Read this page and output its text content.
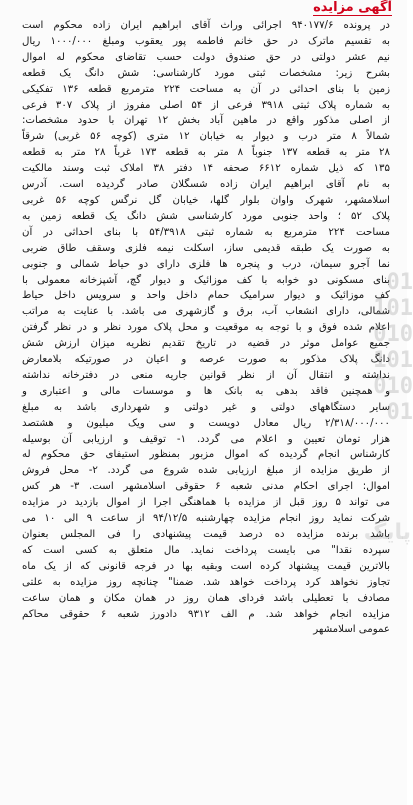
آگهی مزایده
در پرونده ۹۴۰۱۷۷/۶ اجرائی وراث آقای ابراهیم ایران زاده محکوم است
به تقسیم ماترک در حق خانم فاطمه پور یعقوب ومبلغ ۱۰۰۰/۰۰۰ ریال
نیم عشر دولتی در حق صندوق دولت حسب تقاضای محکوم له اموال
بشرح زیر: مشخصات ثبتی مورد کارشناسی: شش دانگ یک قطعه
زمین با بنای احداثی در آن به مساحت ۲۲۴ مترمربع قطعه ۱۳۶ تفکیکی
به شماره پلاک ثبتی ۳۹۱۸ فرعی از ۵۴ اصلی مفروز از پلاک ۳۰۷ فرعی
از اصلی مذکور واقع در ماهین آباد بخش ۱۲ تهران با حدود مشخصات:
شمالاً ۸ متر درب و دیوار به خیابان ۱۲ متری (کوچه ۵۶ غربی) شرقاً
۲۸ متر به قطعه ۱۳۷ جنوباً ۸ متر به قطعه ۱۷۳ غرباً ۲۸ متر به قطعه
۱۳۵ که ذیل شماره ۶۶۱۲ صحفه ۱۴ دفتر ۳۸ املاک ثبت وسند مالکیت
به نام آقای ابراهیم ایران زاده شسگلان صادر گردیده است. آدرس
اسلامشهر، شهرک واوان بلوار گلها، خیابان گل نرگس کوچه ۵۶ غربی
پلاک ۵۲ ؛ واحد جنوبی مورد کارشناسی شش دانگ یک قطعه زمین به
مساحت ۲۲۴ مترمربع به شماره ثبتی ۵۴/۳۹۱۸ با بنای احداثی در آن
به صورت یک طبقه قدیمی ساز، اسکلت نیمه فلزی وسقف طاق ضربی
نما آجرو سیمان، درب و پنجره ها فلزی دارای دو حیاط شمالی و جنوبی
بنای مسکونی دو خوابه با کف موزائیک و دیوار گچ، آشپزخانه معمولی با
کف موزائیک و دیوار سرامیک حمام داخل واحد و سرویس داخل حیاط
شمالی، دارای انشعاب آب، برق و گازشهری می باشد. با عنایت به مراتب
اعلام شده فوق و با توجه به موقعیت و محل پلاک مورد نظر و در نظر گرفتن
جمیع عوامل موثر در قضیه در تاریخ تقدیم نظریه میزان ارزش شش
دانگ پلاک مذکور به صورت عرصه و اعیان در صورتیکه بلامعارض
نداشته و انتقال آن از نظر قوانین جاریه منعی در دفترخانه نداشته
و همچنین فاقد بدهی به بانک ها و موسسات مالی و اعتباری و
سایر دستگاههای دولتی و غیر دولتی و شهرداری باشد به مبلغ
۲/۳۱۸/۰۰۰/۰۰۰ ریال معادل دویست و سی ویک میلیون و هشتصد
هزار تومان تعیین و اعلام می گردد. ۱- توقیف و ارزیابی آن بوسیله
کارشناس انجام گردیده که اموال مزبور بمنظور استیفای حق محکوم له
از طریق مزایده از مبلغ ارزیابی شده شروع می گردد. ۲- محل فروش
اموال: اجرای احکام مدنی شعبه ۶ حقوقی اسلامشهر است. ۳- هر کس
می تواند ۵ روز قبل از مزایده با هماهنگی اجرا از اموال بازدید در مزایده
شرکت نماید روز انجام مزایده چهارشنبه ۹۴/۱۲/۵ از ساعت ۹ الی ۱۰ می
باشد برنده مزایده ده درصد قیمت پیشنهادی را فی المجلس بعنوان
سپرده نقدا" می بایست پرداخت نماید. مال متعلق به کسی است که
بالاترین قیمت پیشنهاد کرده است وبقیه بها در فرجه قانونی که از یک ماه
تجاوز نخواهد کرد پرداخت خواهد شد. ضمنا" چنانچه روز مزایده به علتی
مصادف با تعطیلی باشد فردای همان روز در همان مکان و همان ساعت
مزایده انجام خواهد شد. م الف ۹۳۱۲ دادورز شعبه ۶ حقوقی محاکم
عمومی اسلامشهر
01
101
010
101
010
01
پایگ
